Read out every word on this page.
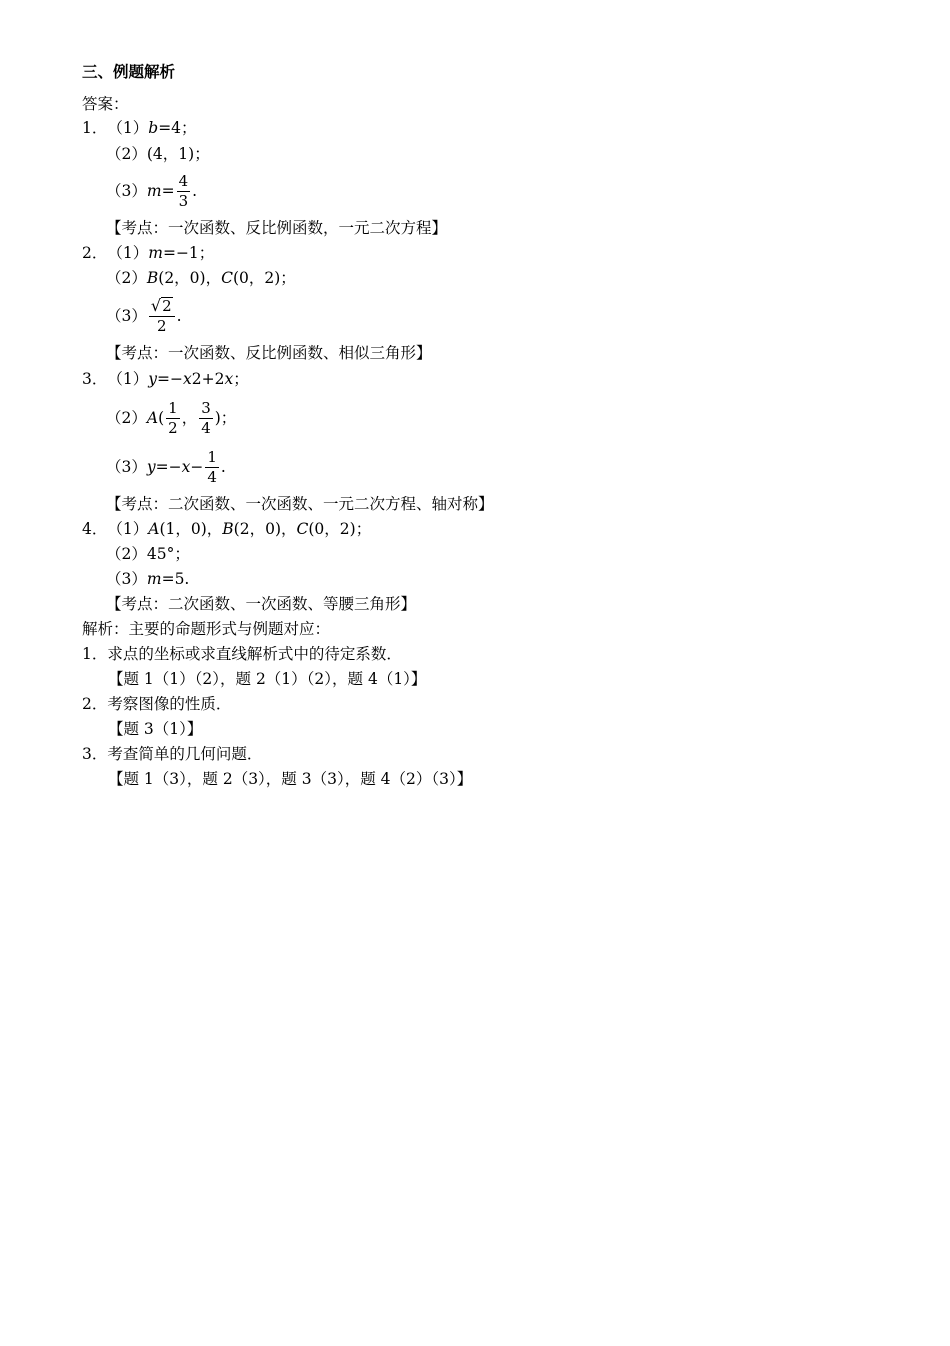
三、例题解析
答案：
1． （1） b =4；
（2） (4，1)；
（3） $m = \frac{4}{3}$ .
【考点：一次函数、反比例函数，一元二次方程】
2． （1） m =−1；
（2） B (2，0)， C (0，2)；
$(3) \frac{√ 2}{2}$ .
【考点：一次函数、反比例函数、相似三角形】
3． （1） y =− x 2+2 x ；
（2） A ( $\frac{1}{2}$ ， $\frac{3}{4}$ )；
（3） $y =- x - \frac{1}{4}$ .
【考点：二次函数、一次函数、一元二次方程、轴对称】
4． （1） A (1，0)， B (2，0)， C (0，2)；
（2） 45°；
（3） m =5.
【考点：二次函数、一次函数、等腰三角形】
解析：主要的命题形式与例题对应：
1．求点的坐标或求直线解析式中的待定系数．
【题 1（1）（2），题 2（1）（2），题 4（1）】
2．考察图像的性质．
【题 3（1）】
3．考查简单的几何问题．
【题 1（3），题 2（3），题 3（3），题 4（2）（3）】
